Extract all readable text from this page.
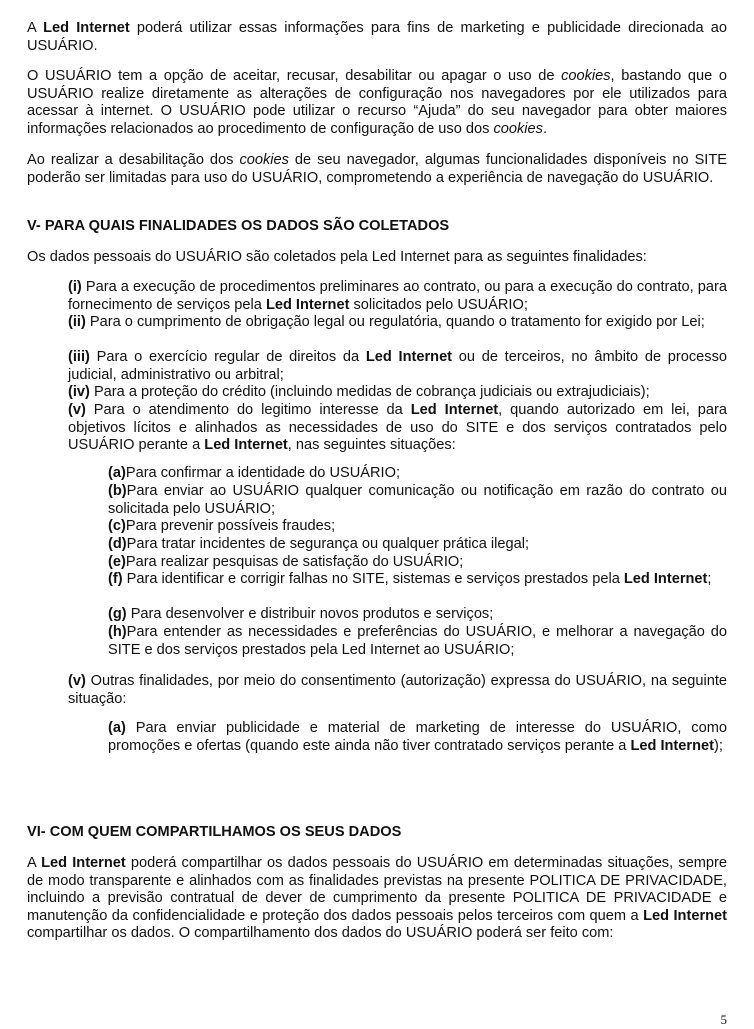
A Led Internet poderá utilizar essas informações para fins de marketing e publicidade direcionada ao USUÁRIO.

O USUÁRIO tem a opção de aceitar, recusar, desabilitar ou apagar o uso de cookies, bastando que o USUÁRIO realize diretamente as alterações de configuração nos navegadores por ele utilizados para acessar à internet. O USUÁRIO pode utilizar o recurso “Ajuda” do seu navegador para obter maiores informações relacionados ao procedimento de configuração de uso dos cookies.

Ao realizar a desabilitação dos cookies de seu navegador, algumas funcionalidades disponíveis no SITE poderão ser limitadas para uso do USUÁRIO, comprometendo a experiência de navegação do USUÁRIO.

V- PARA QUAIS FINALIDADES OS DADOS SÃO COLETADOS

Os dados pessoais do USUÁRIO são coletados pela Led Internet para as seguintes finalidades:

(i) Para a execução de procedimentos preliminares ao contrato, ou para a execução do contrato, para fornecimento de serviços pela Led Internet solicitados pelo USUÁRIO;

(ii) Para o cumprimento de obrigação legal ou regulatória, quando o tratamento for exigido por Lei;

(iii) Para o exercício regular de direitos da Led Internet ou de terceiros, no âmbito de processo judicial, administrativo ou arbitral;

(iv) Para a proteção do crédito (incluindo medidas de cobrança judiciais ou extrajudiciais);

(v) Para o atendimento do legitimo interesse da Led Internet, quando autorizado em lei, para objetivos lícitos e alinhados as necessidades de uso do SITE e dos serviços contratados pelo USUÁRIO perante a Led Internet, nas seguintes situações:

(a)Para confirmar a identidade do USUÁRIO;

(b)Para enviar ao USUÁRIO qualquer comunicação ou notificação em razão do contrato ou solicitada pelo USUÁRIO;

(c)Para prevenir possíveis fraudes;

(d)Para tratar incidentes de segurança ou qualquer prática ilegal;

(e)Para realizar pesquisas de satisfação do USUÁRIO;

(f) Para identificar e corrigir falhas no SITE, sistemas e serviços prestados pela Led Internet;

(g) Para desenvolver e distribuir novos produtos e serviços;

(h)Para entender as necessidades e preferências do USUÁRIO, e melhorar a navegação do SITE e dos serviços prestados pela Led Internet ao USUÁRIO;

(v) Outras finalidades, por meio do consentimento (autorização) expressa do USUÁRIO, na seguinte situação:

(a) Para enviar publicidade e material de marketing de interesse do USUÁRIO, como promoções e ofertas (quando este ainda não tiver contratado serviços perante a Led Internet);

VI- COM QUEM COMPARTILHAMOS OS SEUS DADOS

A Led Internet poderá compartilhar os dados pessoais do USUÁRIO em determinadas situações, sempre de modo transparente e alinhados com as finalidades previstas na presente POLITICA DE PRIVACIDADE, incluindo a previsão contratual de dever de cumprimento da presente POLITICA DE PRIVACIDADE e manutenção da confidencialidade e proteção dos dados pessoais pelos terceiros com quem a Led Internet compartilhar os dados. O compartilhamento dos dados do USUÁRIO poderá ser feito com:

5
